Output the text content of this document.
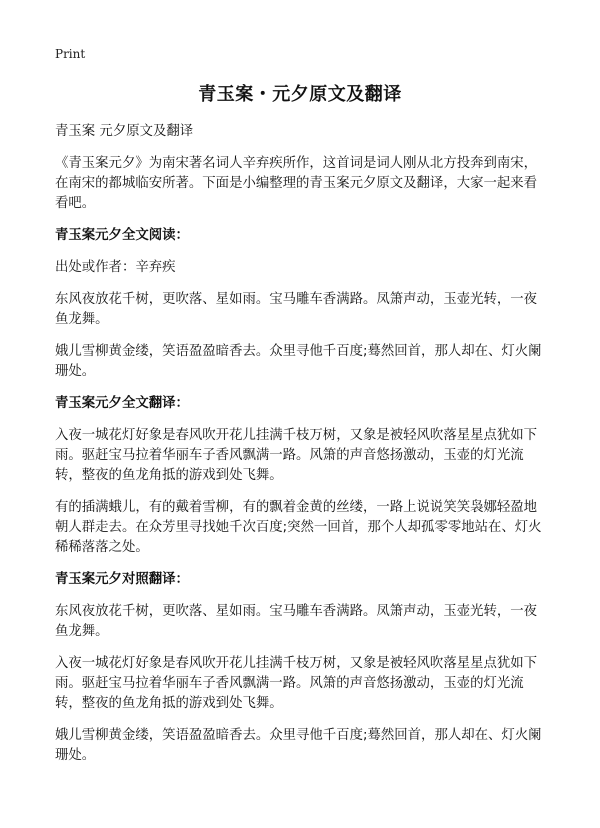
Print
青玉案・元夕原文及翻译

青玉案 元夕原文及翻译

《青玉案元夕》为南宋著名词人辛弃疾所作，这首词是词人刚从北方投奔到南宋，在南宋的都城临安所著。下面是小编整理的青玉案元夕原文及翻译，大家一起来看看吧。

青玉案元夕全文阅读：

出处或作者：辛弃疾

东风夜放花千树，更吹落、星如雨。宝马雕车香满路。凤箫声动，玉壶光转，一夜鱼龙舞。

娥儿雪柳黄金缕，笑语盈盈暗香去。众里寻他千百度;蓦然回首，那人却在、灯火阑珊处。

青玉案元夕全文翻译：

入夜一城花灯好象是春风吹开花儿挂满千枝万树，又象是被轻风吹落星星点犹如下雨。驱赶宝马拉着华丽车子香风飘满一路。风箫的声音悠扬激动，玉壶的灯光流转，整夜的鱼龙角抵的游戏到处飞舞。

有的插满蛾儿，有的戴着雪柳，有的飘着金黄的丝缕，一路上说说笑笑袅娜轻盈地朝人群走去。在众芳里寻找她千次百度;突然一回首，那个人却孤零零地站在、灯火稀稀落落之处。

青玉案元夕对照翻译：

东风夜放花千树，更吹落、星如雨。宝马雕车香满路。凤箫声动，玉壶光转，一夜鱼龙舞。

入夜一城花灯好象是春风吹开花儿挂满千枝万树，又象是被轻风吹落星星点犹如下雨。驱赶宝马拉着华丽车子香风飘满一路。风箫的声音悠扬激动，玉壶的灯光流转，整夜的鱼龙角抵的游戏到处飞舞。

娥儿雪柳黄金缕，笑语盈盈暗香去。众里寻他千百度;蓦然回首，那人却在、灯火阑珊处。
